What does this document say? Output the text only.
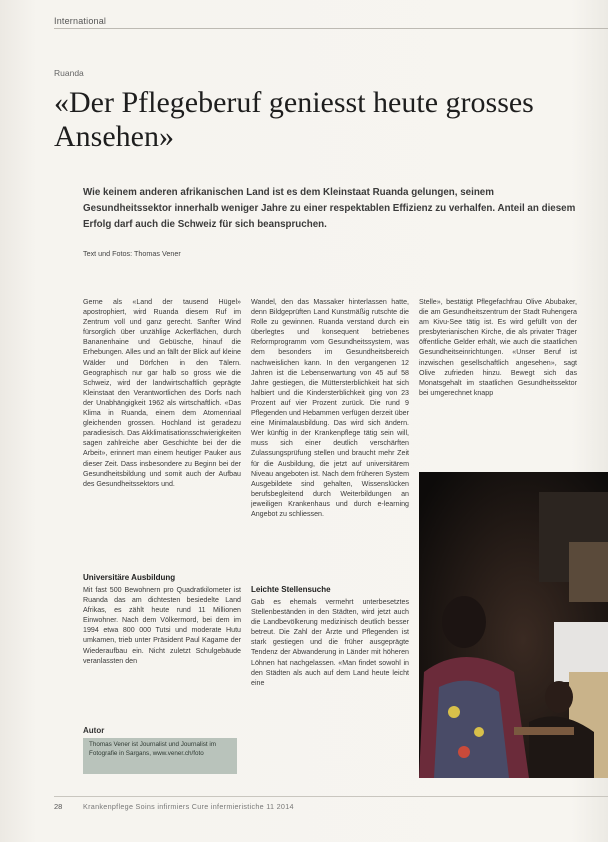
International
Ruanda
«Der Pflegeberuf geniesst heute grosses Ansehen»
Wie keinem anderen afrikanischen Land ist es dem Kleinstaat Ruanda gelungen, seinem Gesundheitssektor innerhalb weniger Jahre zu einer respektablen Effizienz zu verhalfen. Anteil an diesem Erfolg darf auch die Schweiz für sich beanspruchen.
Text und Fotos: Thomas Vener
Gerne als «Land der tausend Hügel» apostrophiert, wird Ruanda diesem Ruf im Zentrum voll und ganz gerecht. Sanfter Wind fürsorglich über unzählige Ackerflächen, durch Bananenhaine und Gebüsche, hinauf die Erhebungen. Alles und an fällt der Blick auf kleine Wälder und Dörfchen in den Tälern. Geographisch nur gar halb so gross wie die Schweiz, wird der landwirtschaftlich geprägte Kleinstaat den Verantwortlichen des Dorfs nach der Unabhängigkeit 1962 als wirtschaftlich. «Das Klima in Ruanda, einem dem Atomenriaal gleichenden grossen. Hochland ist geradezu paradiesisch. Das Akklimatisationsschwierigkeiten sagen zahlreiche aber Geschichte bei der die Arbeit», erinnert man einem heutiger Pauker aus dieser Zeit. Dass insbesondere zu Beginn bei der Gesundheitsbildung und somit auch der Aufbau des Gesundheitssektors und.
Universitäre Ausbildung
Mit fast 500 Bewohnern pro Quadratkilometer ist Ruanda das am dichtesten besiedelte Land Afrikas, es zählt heute rund 11 Millionen Einwohner. Nach dem Völkermord, bei dem im 1994 etwa 800 000 Tutsi und moderate Hutu umkamen, trieb unter Präsident Paul Kagame der Wiederaufbau ein. Nicht zuletzt Schulgebäude veranlassten den
Wandel, den das Massaker hinterlassen hatte, denn Bildgeprüften Land Kunstmäßig rutschte die Rolle zu gewinnen. Ruanda verstand durch ein überlegtes und konsequent betriebenes Reformprogramm vom Gesundheitssystem, was dem besonders im Gesundheitsbereich nachweislichen kann. In den vergangenen 12 Jahren ist die Lebenserwartung von 45 auf 58 Jahre gestiegen, die Müttersterblichkeit hat sich halbiert und die Kindersterblichkeit ging von 23 Prozent auf vier Prozent zurück. Die rund 9 Pflegenden und Hebammen verfügen derzeit über eine Minimalausbildung. Das wird sich ändern. Wer künftig in der Krankenpflege tätig sein will, muss sich einer deutlich verschärften Zulassungsprüfung stellen und braucht mehr Zeit für die Ausbildung, die jetzt auf universitärem Niveau angeboten ist. Nach dem früheren System Ausgebildete sind gehalten, Wissenslücken berufsbegleitend durch Weiterbildungen an jeweiligen Krankenhaus und durch e-learning Angebot zu schliessen.
Leichte Stellensuche
Gab es ehemals vermehrt unterbesetztes Stellenbeständen in den Städten, wird jetzt auch die Landbevölkerung medizinisch deutlich besser betreut. Die Zahl der Ärzte und Pflegenden ist stark gestiegen und die früher ausgeprägte Tendenz der Abwanderung in Länder mit höheren Löhnen hat nachgelassen. «Man findet sowohl in den Städten als auch auf dem Land heute leicht eine
Stelle», bestätigt Pflegefachfrau Olive Abubaker, die am Gesundheitszentrum der Stadt Ruhengera am Kivu-See tätig ist. Es wird gefüllt von der presbyterianischen Kirche, die als privater Träger öffentliche Gelder erhält, wie auch die staatlichen Gesundheitseinrichtungen. «Unser Beruf ist inzwischen gesellschaftlich angesehen», sagt Olive zufrieden hinzu. Bewegt sich das Monatsgehalt im staatlichen Gesundheitssektor bei umgerechnet knapp
Autor
Thomas Vener ist Journalist und Journalist im Fotografie in Sargans, www.vener.ch/foto
28	Krankenpflege Soins infirmiers Cure infermieristiche 11 2014
